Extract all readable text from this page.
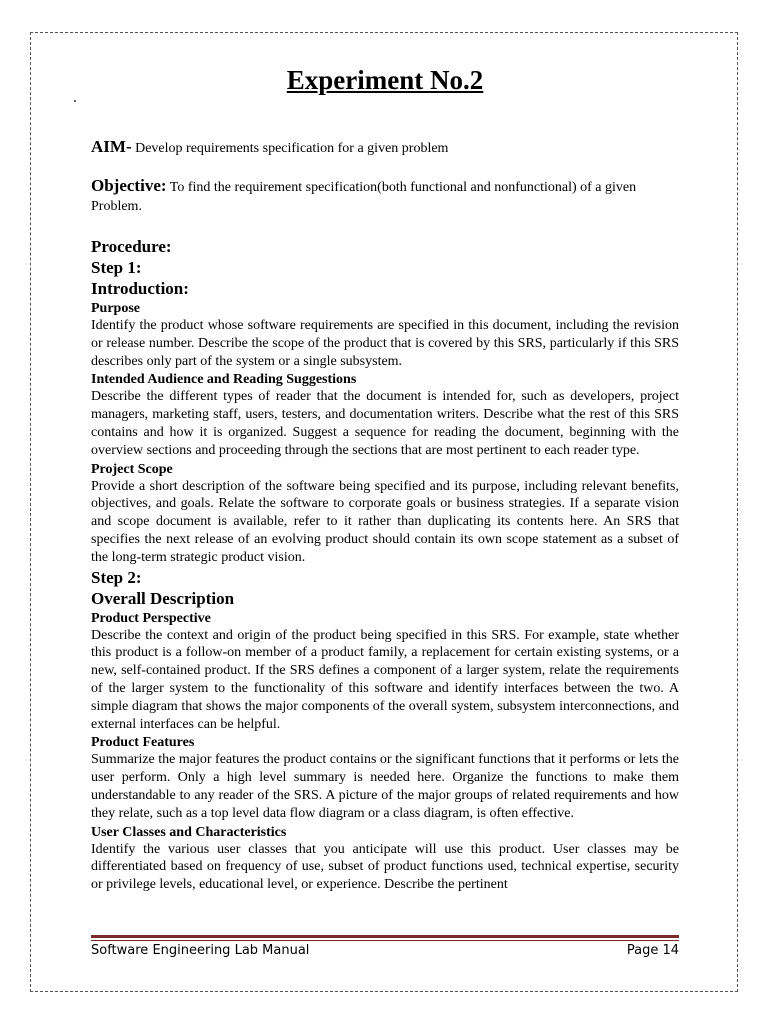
Experiment No.2

AIM- Develop requirements specification for a given problem

Objective: To find the requirement specification(both functional and nonfunctional) of a given Problem.

Procedure:
Step 1:
Introduction:
Purpose

Identify the product whose software requirements are specified in this document, including the revision or release number. Describe the scope of the product that is covered by this SRS, particularly if this SRS describes only part of the system or a single subsystem.

Intended Audience and Reading Suggestions

Describe the different types of reader that the document is intended for, such as developers, project managers, marketing staff, users, testers, and documentation writers. Describe what the rest of this SRS contains and how it is organized. Suggest a sequence for reading the document, beginning with the overview sections and proceeding through the sections that are most pertinent to each reader type.

Project Scope

Provide a short description of the software being specified and its purpose, including relevant benefits, objectives, and goals. Relate the software to corporate goals or business strategies. If a separate vision and scope document is available, refer to it rather than duplicating its contents here. An SRS that specifies the next release of an evolving product should contain its own scope statement as a subset of the long-term strategic product vision.

Step 2:
Overall Description
Product Perspective

Describe the context and origin of the product being specified in this SRS. For example, state whether this product is a follow-on member of a product family, a replacement for certain existing systems, or a new, self-contained product. If the SRS defines a component of a larger system, relate the requirements of the larger system to the functionality of this software and identify interfaces between the two. A simple diagram that shows the major components of the overall system, subsystem interconnections, and external interfaces can be helpful.

Product Features

Summarize the major features the product contains or the significant functions that it performs or lets the user perform. Only a high level summary is needed here. Organize the functions to make them understandable to any reader of the SRS. A picture of the major groups of related requirements and how they relate, such as a top level data flow diagram or a class diagram, is often effective.

User Classes and Characteristics

Identify the various user classes that you anticipate will use this product. User classes may be differentiated based on frequency of use, subset of product functions used, technical expertise, security or privilege levels, educational level, or experience. Describe the pertinent

Software Engineering Lab Manual	Page 14
